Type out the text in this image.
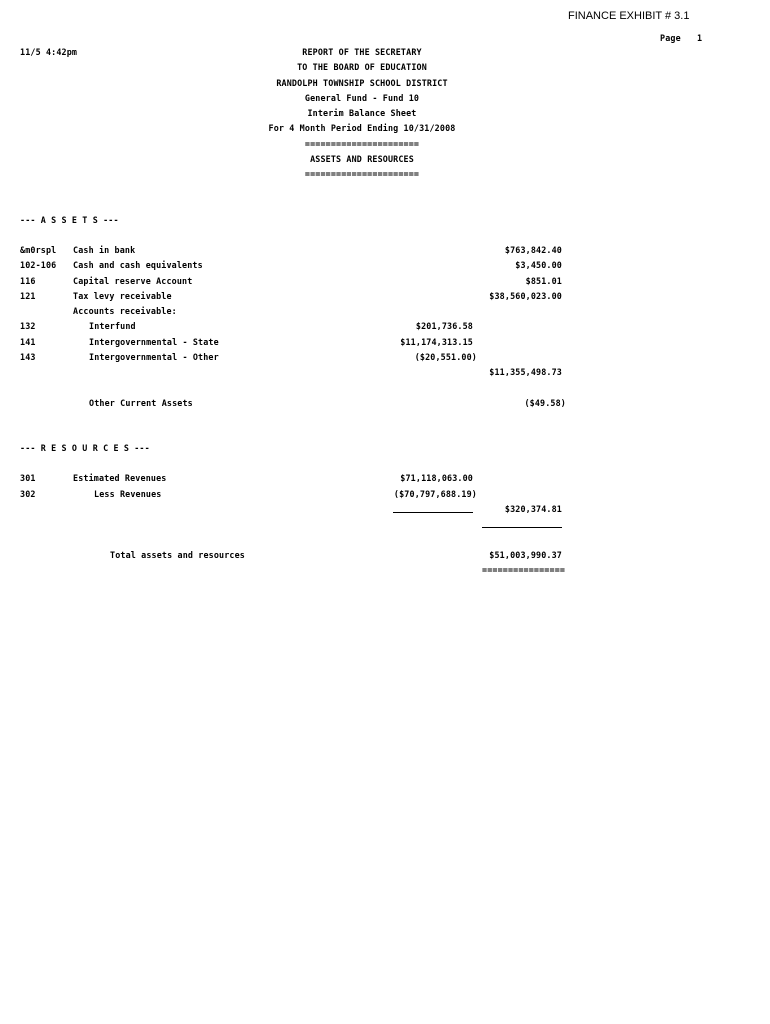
FINANCE EXHIBIT # 3.1
Page 1
11/5 4:42pm	REPORT OF THE SECRETARY
TO THE BOARD OF EDUCATION
RANDOLPH TOWNSHIP SCHOOL DISTRICT
General Fund - Fund 10
Interim Balance Sheet
For 4 Month Period Ending 10/31/2008
======================
ASSETS AND RESOURCES
======================
--- A S S E T S ---
&m0rspl Cash in bank	$763,842.40
102-106 Cash and cash equivalents	$3,450.00
116	Capital reserve Account	$851.01
121	Tax levy receivable	$38,560,023.00
Accounts receivable:
132	Interfund	$201,736.58
141	Intergovernmental - State	$11,174,313.15
143	Intergovernmental - Other	($20,551.00)
$11,355,498.73
Other Current Assets	($49.58)
--- R E S O U R C E S ---
301	Estimated Revenues	$71,118,063.00
302	Less Revenues	($70,797,688.19)
$320,374.81
Total assets and resources	$51,003,990.37
================
